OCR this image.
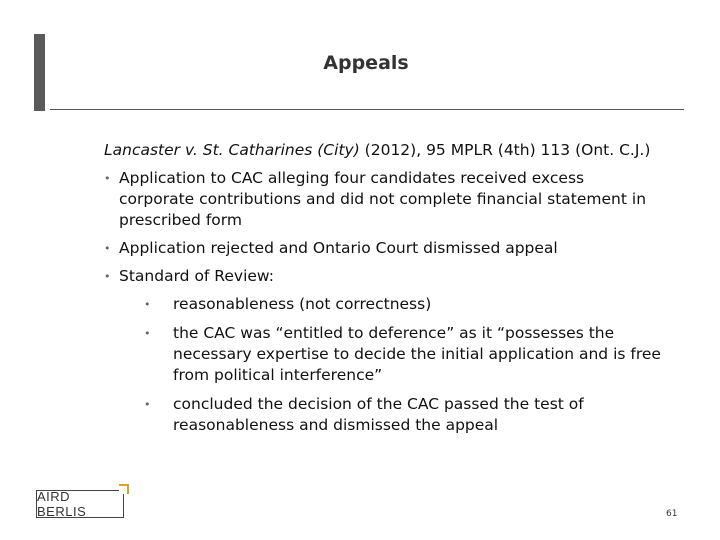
Appeals

Lancaster v. St. Catharines (City) (2012), 95 MPLR (4th) 113 (Ont. C.J.)

• Application to CAC alleging four candidates received excess corporate contributions and did not complete financial statement in prescribed form
• Application rejected and Ontario Court dismissed appeal
• Standard of Review:
• reasonableness (not correctness)
• the CAC was “entitled to deference” as it “possesses the necessary expertise to decide the initial application and is free from political interference”
• concluded the decision of the CAC passed the test of reasonableness and dismissed the appeal
AIRD BERLIS	61
